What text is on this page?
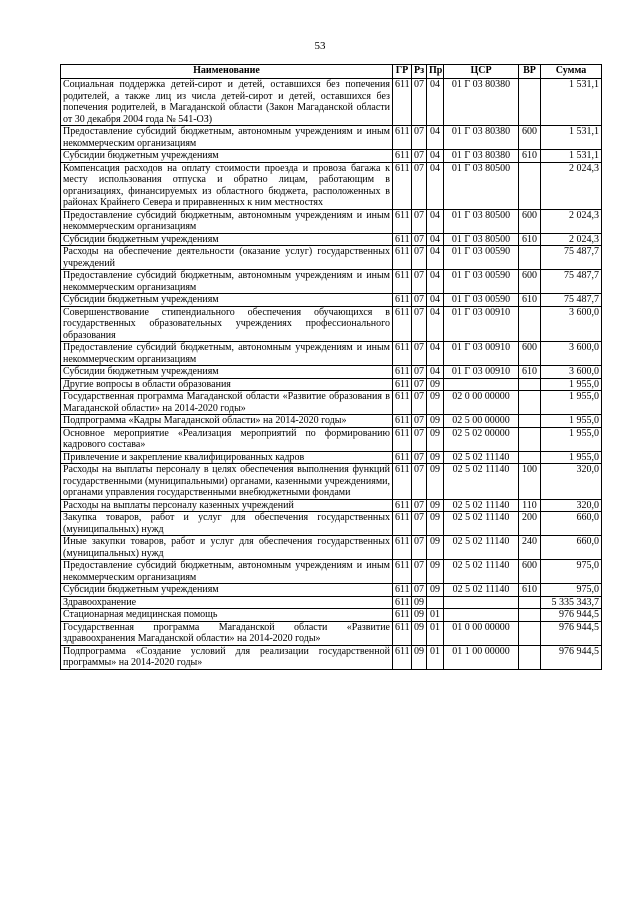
53
Наименование	ГР	Рз	Пр	ЦСР	ВР	Сумма
Социальная поддержка детей-сирот и детей, оставшихся без попечения родителей, а также лиц из числа детей-сирот и детей, оставшихся без попечения родителей, в Магаданской области (Закон Магаданской области от 30 декабря 2004 года № 541-ОЗ)	611	07	04	01 Г 03 80380		1 531,1
Предоставление субсидий бюджетным, автономным учреждениям и иным некоммерческим организациям	611	07	04	01 Г 03 80380	600	1 531,1
Субсидии бюджетным учреждениям	611	07	04	01 Г 03 80380	610	1 531,1
Компенсация расходов на оплату стоимости проезда и провоза багажа к месту использования отпуска и обратно лицам, работающим в организациях, финансируемых из областного бюджета, расположенных в районах Крайнего Севера и приравненных к ним местностях	611	07	04	01 Г 03 80500		2 024,3
Предоставление субсидий бюджетным, автономным учреждениям и иным некоммерческим организациям	611	07	04	01 Г 03 80500	600	2 024,3
Субсидии бюджетным учреждениям	611	07	04	01 Г 03 80500	610	2 024,3
Расходы на обеспечение деятельности (оказание услуг) государственных учреждений	611	07	04	01 Г 03 00590		75 487,7
Предоставление субсидий бюджетным, автономным учреждениям и иным некоммерческим организациям	611	07	04	01 Г 03 00590	600	75 487,7
Субсидии бюджетным учреждениям	611	07	04	01 Г 03 00590	610	75 487,7
Совершенствование стипендиального обеспечения обучающихся в государственных образовательных учреждениях профессионального образования	611	07	04	01 Г 03 00910		3 600,0
Предоставление субсидий бюджетным, автономным учреждениям и иным некоммерческим организациям	611	07	04	01 Г 03 00910	600	3 600,0
Субсидии бюджетным учреждениям	611	07	04	01 Г 03 00910	610	3 600,0
Другие вопросы в области образования	611	07	09			1 955,0
Государственная программа Магаданской области «Развитие образования в Магаданской области» на 2014-2020 годы»	611	07	09	02 0 00 00000		1 955,0
Подпрограмма «Кадры Магаданской области» на 2014-2020 годы»	611	07	09	02 5 00 00000		1 955,0
Основное мероприятие «Реализация мероприятий по формированию кадрового состава»	611	07	09	02 5 02 00000		1 955,0
Привлечение и закрепление квалифицированных кадров	611	07	09	02 5 02 11140		1 955,0
Расходы на выплаты персоналу в целях обеспечения выполнения функций государственными (муниципальными) органами, казенными учреждениями, органами управления государственными внебюджетными фондами	611	07	09	02 5 02 11140	100	320,0
Расходы на выплаты персоналу казенных учреждений	611	07	09	02 5 02 11140	110	320,0
Закупка товаров, работ и услуг для обеспечения государственных (муниципальных) нужд	611	07	09	02 5 02 11140	200	660,0
Иные закупки товаров, работ и услуг для обеспечения государственных (муниципальных) нужд	611	07	09	02 5 02 11140	240	660,0
Предоставление субсидий бюджетным, автономным учреждениям и иным некоммерческим организациям	611	07	09	02 5 02 11140	600	975,0
Субсидии бюджетным учреждениям	611	07	09	02 5 02 11140	610	975,0
Здравоохранение	611	09				5 335 343,7
Стационарная медицинская помощь	611	09	01			976 944,5
Государственная программа Магаданской области «Развитие здравоохранения Магаданской области» на 2014-2020 годы»	611	09	01	01 0 00 00000		976 944,5
Подпрограмма «Создание условий для реализации государственной программы» на 2014-2020 годы»	611	09	01	01 1 00 00000		976 944,5
